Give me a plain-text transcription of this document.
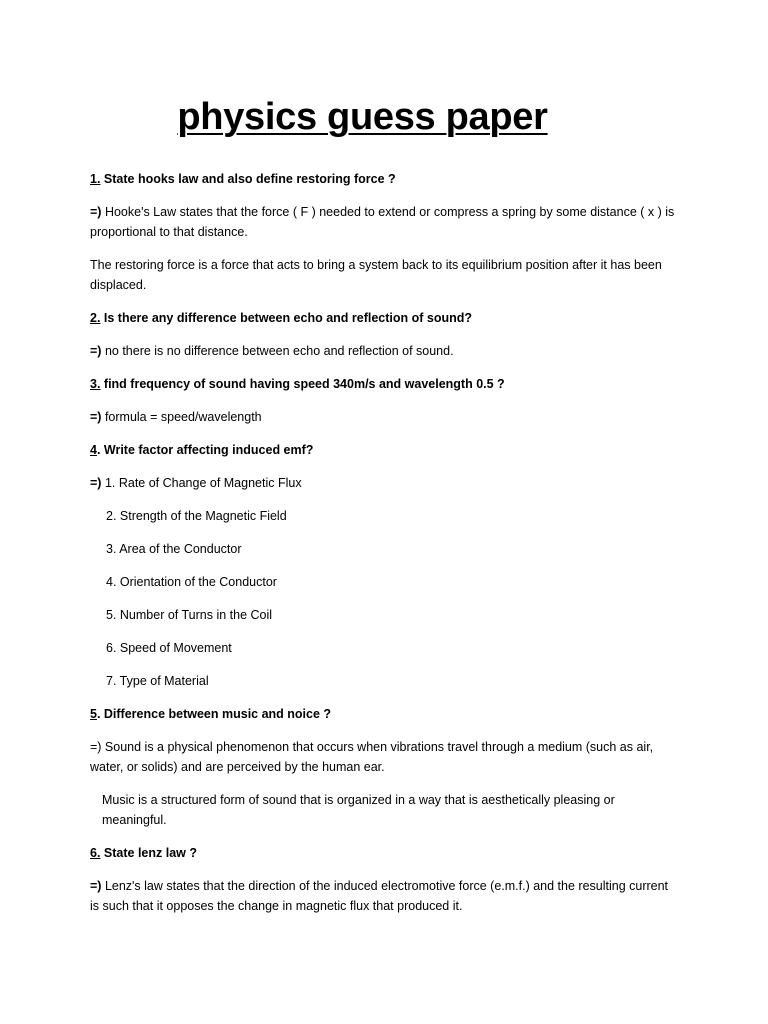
physics guess paper

1. State hooks law and also define restoring force ?

=) Hooke's Law states that the force ( F ) needed to extend or compress a spring by some distance ( x ) is proportional to that distance.

The restoring force is a force that acts to bring a system back to its equilibrium position after it has been displaced.

2. Is there any difference between echo and reflection of sound?

=) no there is no difference between echo and reflection of sound.

3. find frequency of sound having speed 340m/s and wavelength 0.5 ?

=) formula = speed/wavelength

4. Write factor affecting induced emf?

=) 1. Rate of Change of Magnetic Flux

2. Strength of the Magnetic Field

3. Area of the Conductor

4. Orientation of the Conductor

5. Number of Turns in the Coil

6. Speed of Movement

7. Type of Material

5. Difference between music and noice ?

=) Sound is a physical phenomenon that occurs when vibrations travel through a medium (such as air, water, or solids) and are perceived by the human ear.

Music is a structured form of sound that is organized in a way that is aesthetically pleasing or meaningful.

6. State lenz law ?

=) Lenz's law states that the direction of the induced electromotive force (e.m.f.) and the resulting current is such that it opposes the change in magnetic flux that produced it.
